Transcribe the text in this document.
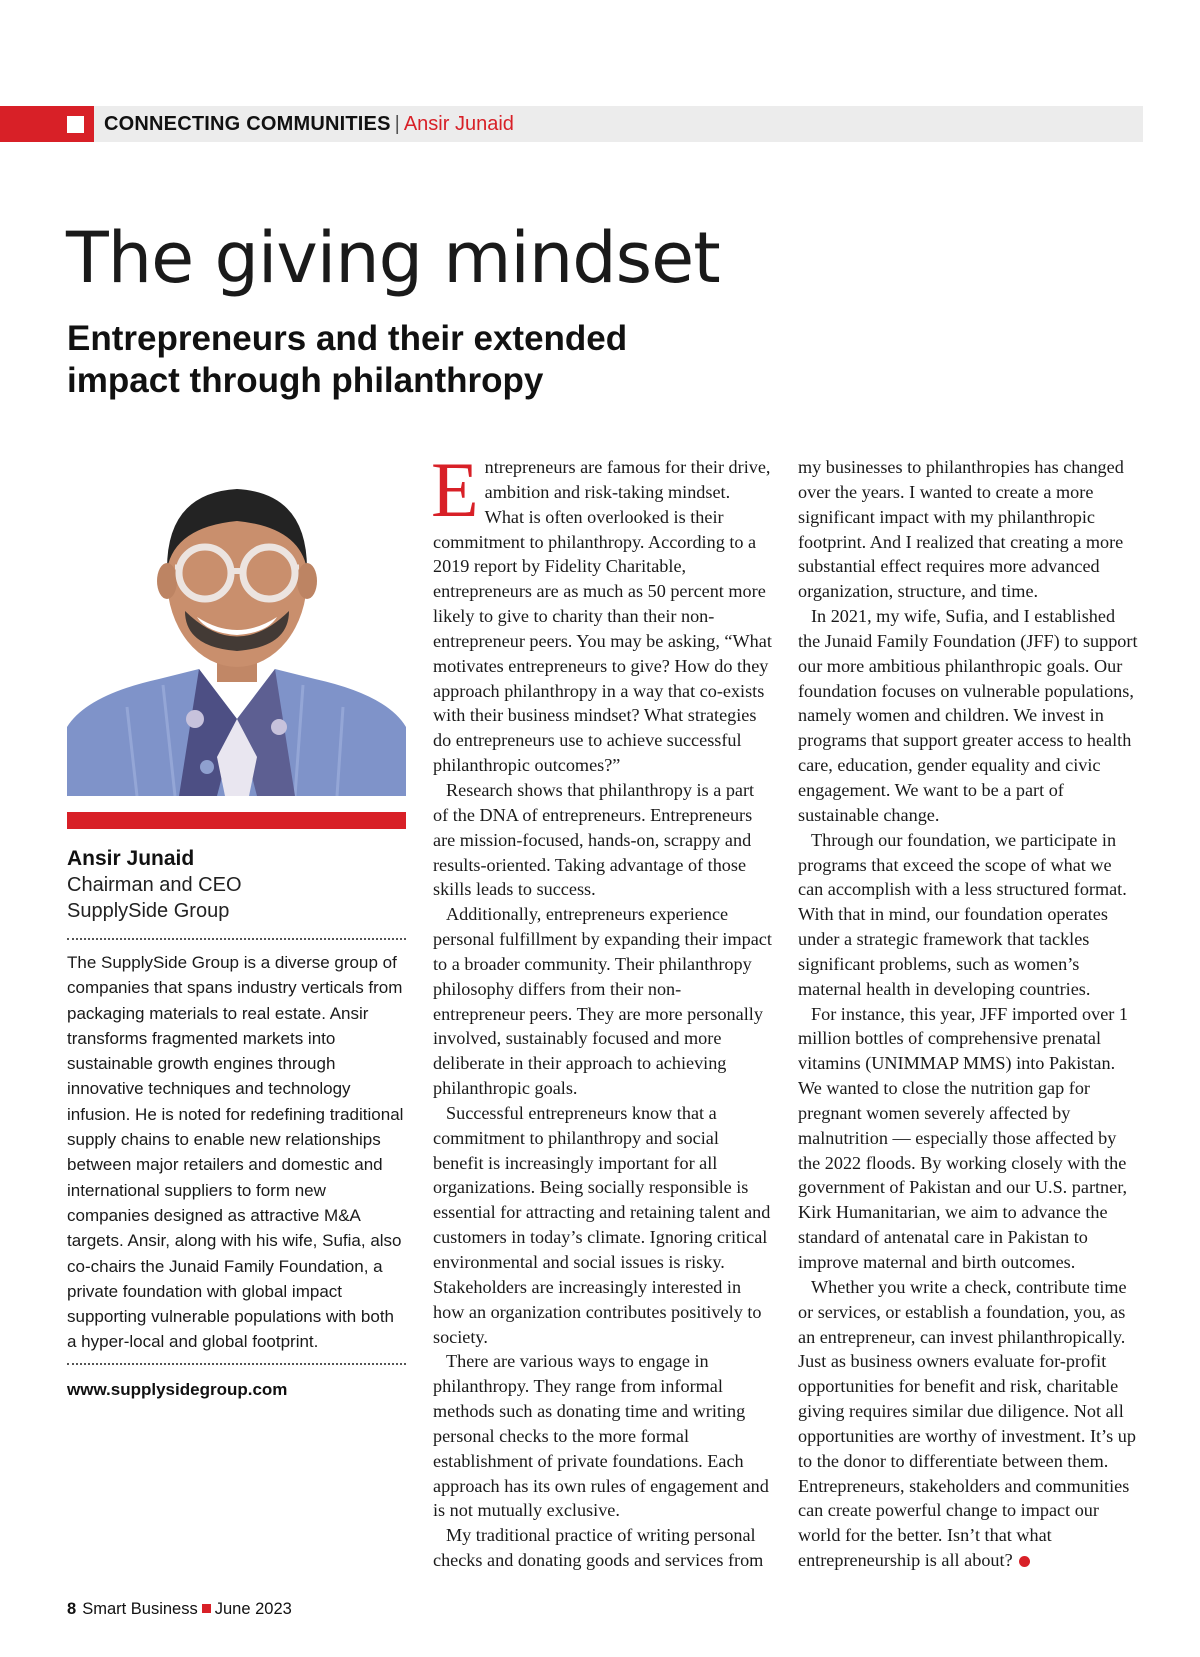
CONNECTING COMMUNITIES | Ansir Junaid
The giving mindset
Entrepreneurs and their extended impact through philanthropy
Ansir Junaid
Chairman and CEO
SupplySide Group

The SupplySide Group is a diverse group of companies that spans industry verticals from packaging materials to real estate. Ansir transforms fragmented markets into sustainable growth engines through innovative techniques and technology infusion. He is noted for redefining traditional supply chains to enable new relationships between major retailers and domestic and international suppliers to form new companies designed as attractive M&A targets. Ansir, along with his wife, Sufia, also co-chairs the Junaid Family Foundation, a private foundation with global impact supporting vulnerable populations with both a hyper-local and global footprint.

www.supplysidegroup.com

Entrepreneurs are famous for their drive, ambition and risk-taking mindset. What is often overlooked is their commitment to philanthropy. According to a 2019 report by Fidelity Charitable, entrepreneurs are as much as 50 percent more likely to give to charity than their non-entrepreneur peers. You may be asking, “What motivates entrepreneurs to give? How do they approach philanthropy in a way that co-exists with their business mindset? What strategies do entrepreneurs use to achieve successful philanthropic outcomes?”

Research shows that philanthropy is a part of the DNA of entrepreneurs. Entrepreneurs are mission-focused, hands-on, scrappy and results-oriented. Taking advantage of those skills leads to success.

Additionally, entrepreneurs experience personal fulfillment by expanding their impact to a broader community. Their philanthropy philosophy differs from their non-entrepreneur peers. They are more personally involved, sustainably focused and more deliberate in their approach to achieving philanthropic goals.

Successful entrepreneurs know that a commitment to philanthropy and social benefit is increasingly important for all organizations. Being socially responsible is essential for attracting and retaining talent and customers in today’s climate. Ignoring critical environmental and social issues is risky. Stakeholders are increasingly interested in how an organization contributes positively to society.

There are various ways to engage in philanthropy. They range from informal methods such as donating time and writing personal checks to the more formal establishment of private foundations. Each approach has its own rules of engagement and is not mutually exclusive.

My traditional practice of writing personal checks and donating goods and services from

my businesses to philanthropies has changed over the years. I wanted to create a more significant impact with my philanthropic footprint. And I realized that creating a more substantial effect requires more advanced organization, structure, and time.

In 2021, my wife, Sufia, and I established the Junaid Family Foundation (JFF) to support our more ambitious philanthropic goals. Our foundation focuses on vulnerable populations, namely women and children. We invest in programs that support greater access to health care, education, gender equality and civic engagement. We want to be a part of sustainable change.

Through our foundation, we participate in programs that exceed the scope of what we can accomplish with a less structured format. With that in mind, our foundation operates under a strategic framework that tackles significant problems, such as women’s maternal health in developing countries.

For instance, this year, JFF imported over 1 million bottles of comprehensive prenatal vitamins (UNIMMAP MMS) into Pakistan. We wanted to close the nutrition gap for pregnant women severely affected by malnutrition — especially those affected by the 2022 floods. By working closely with the government of Pakistan and our U.S. partner, Kirk Humanitarian, we aim to advance the standard of antenatal care in Pakistan to improve maternal and birth outcomes.

Whether you write a check, contribute time or services, or establish a foundation, you, as an entrepreneur, can invest philanthropically. Just as business owners evaluate for-profit opportunities for benefit and risk, charitable giving requires similar due diligence. Not all opportunities are worthy of investment. It’s up to the donor to differentiate between them. Entrepreneurs, stakeholders and communities can create powerful change to impact our world for the better. Isn’t that what entrepreneurship is all about?

8 Smart Business June 2023
